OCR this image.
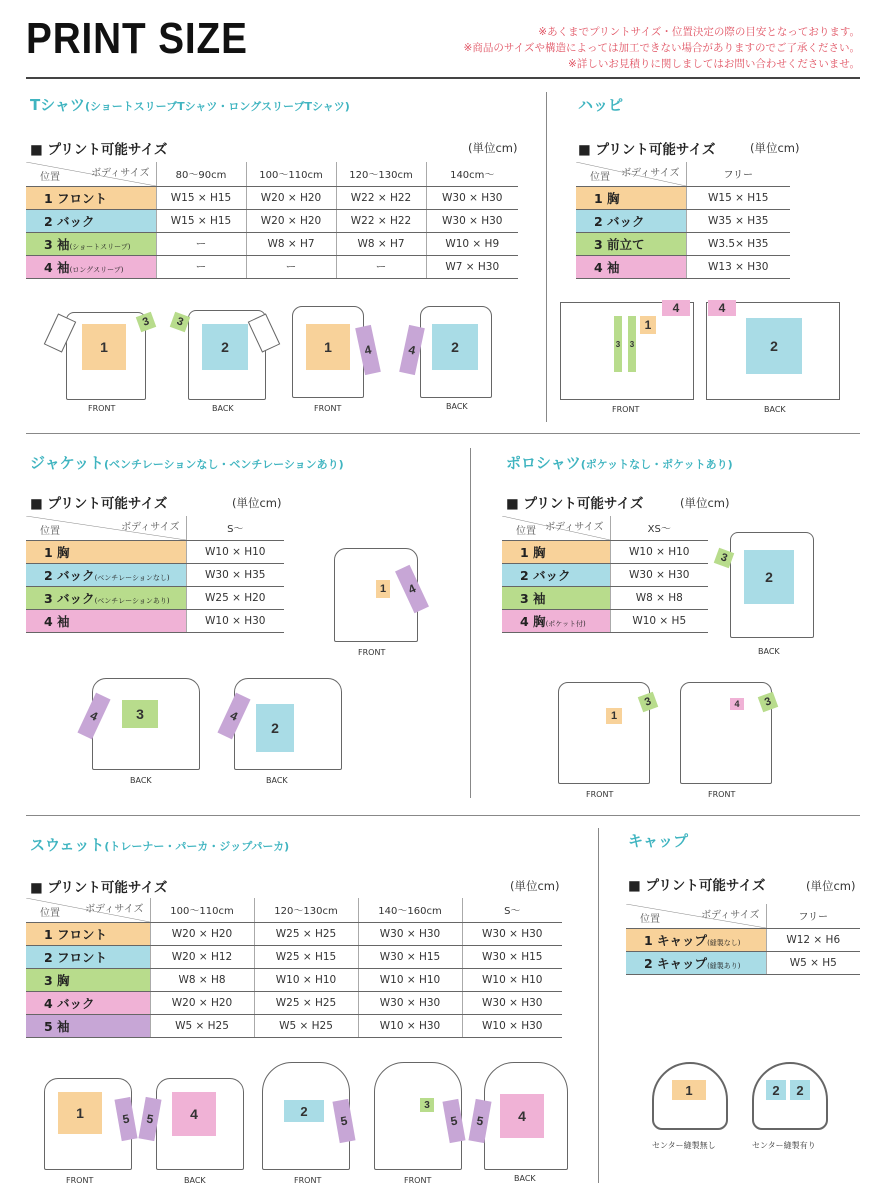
PRINT SIZE	※あくまでプリントサイズ・位置決定の際の目安となっております。
※商品のサイズや構造によっては加工できない場合がありますのでご了承ください。
※詳しいお見積りに関しましてはお問い合わせくださいませ。
Tシャツ(ショートスリーブTシャツ・ロングスリーブTシャツ)
■ プリント可能サイズ	(単位cm)
ボディサイズ
位置	80〜90cm	100〜110cm	120〜130cm	140cm〜
1 フロント	W15 × H15	W20 × H20	W22 × H22	W30 × H30
2 バック	W15 × H15	W20 × H20	W22 × H22	W30 × H30
3 袖(ショートスリーブ)	ー	W8 × H7	W8 × H7	W10 × H9
4 袖(ロングスリーブ)	ー	ー	ー	W7 × H30
1
3
FRONT
2
3
BACK
1	4
FRONT
2
4
BACK
ハッピ
■ プリント可能サイズ	(単位cm)
ボディサイズ
位置	フリー
1 胸	W15 × H15
2 バック	W35 × H35
3 前立て	W3.5× H35
4 袖	W13 × H30
3 3
1
4
FRONT
4
2
BACK
ジャケット(ベンチレーションなし・ベンチレーションあり)
■ プリント可能サイズ	(単位cm)
ボディサイズ
位置	S〜
1 胸	W10 × H10
2 バック(ベンチレーションなし)	W30 × H35
3 バック(ベンチレーションあり)	W25 × H20
4 袖	W10 × H30
1	4
FRONT
3
4
BACK
2
4
BACK
ポロシャツ(ポケットなし・ポケットあり)
■ プリント可能サイズ	(単位cm)
ボディサイズ
位置	XS〜
1 胸	W10 × H10
2 バック	W30 × H30
3 袖	W8 × H8
4 胸(ポケット付)	W10 × H5
2
3
BACK
1
3
FRONT
4	3
FRONT
スウェット(トレーナー・パーカ・ジップパーカ)
■ プリント可能サイズ	(単位cm)
ボディサイズ
位置	100〜110cm	120〜130cm	140〜160cm	S〜
1 フロント	W20 × H20	W25 × H25	W30 × H30	W30 × H30
2 フロント	W20 × H12	W25 × H15	W30 × H15	W30 × H15
3 胸	W8 × H8	W10 × H10	W10 × H10	W10 × H10
4 バック	W20 × H20	W25 × H25	W30 × H30	W30 × H30
5 袖	W5 × H25	W5 × H25	W10 × H30	W10 × H30
1	5
FRONT
4
5
BACK
2
5
FRONT
3
5
FRONT
4
5
BACK
キャップ
■ プリント可能サイズ	(単位cm)
ボディサイズ
位置	フリー
1 キャップ(縫製なし)	W12 × H6
2 キャップ(縫製あり)	W5 × H5
1
センター縫製無し
2	2
センター縫製有り
